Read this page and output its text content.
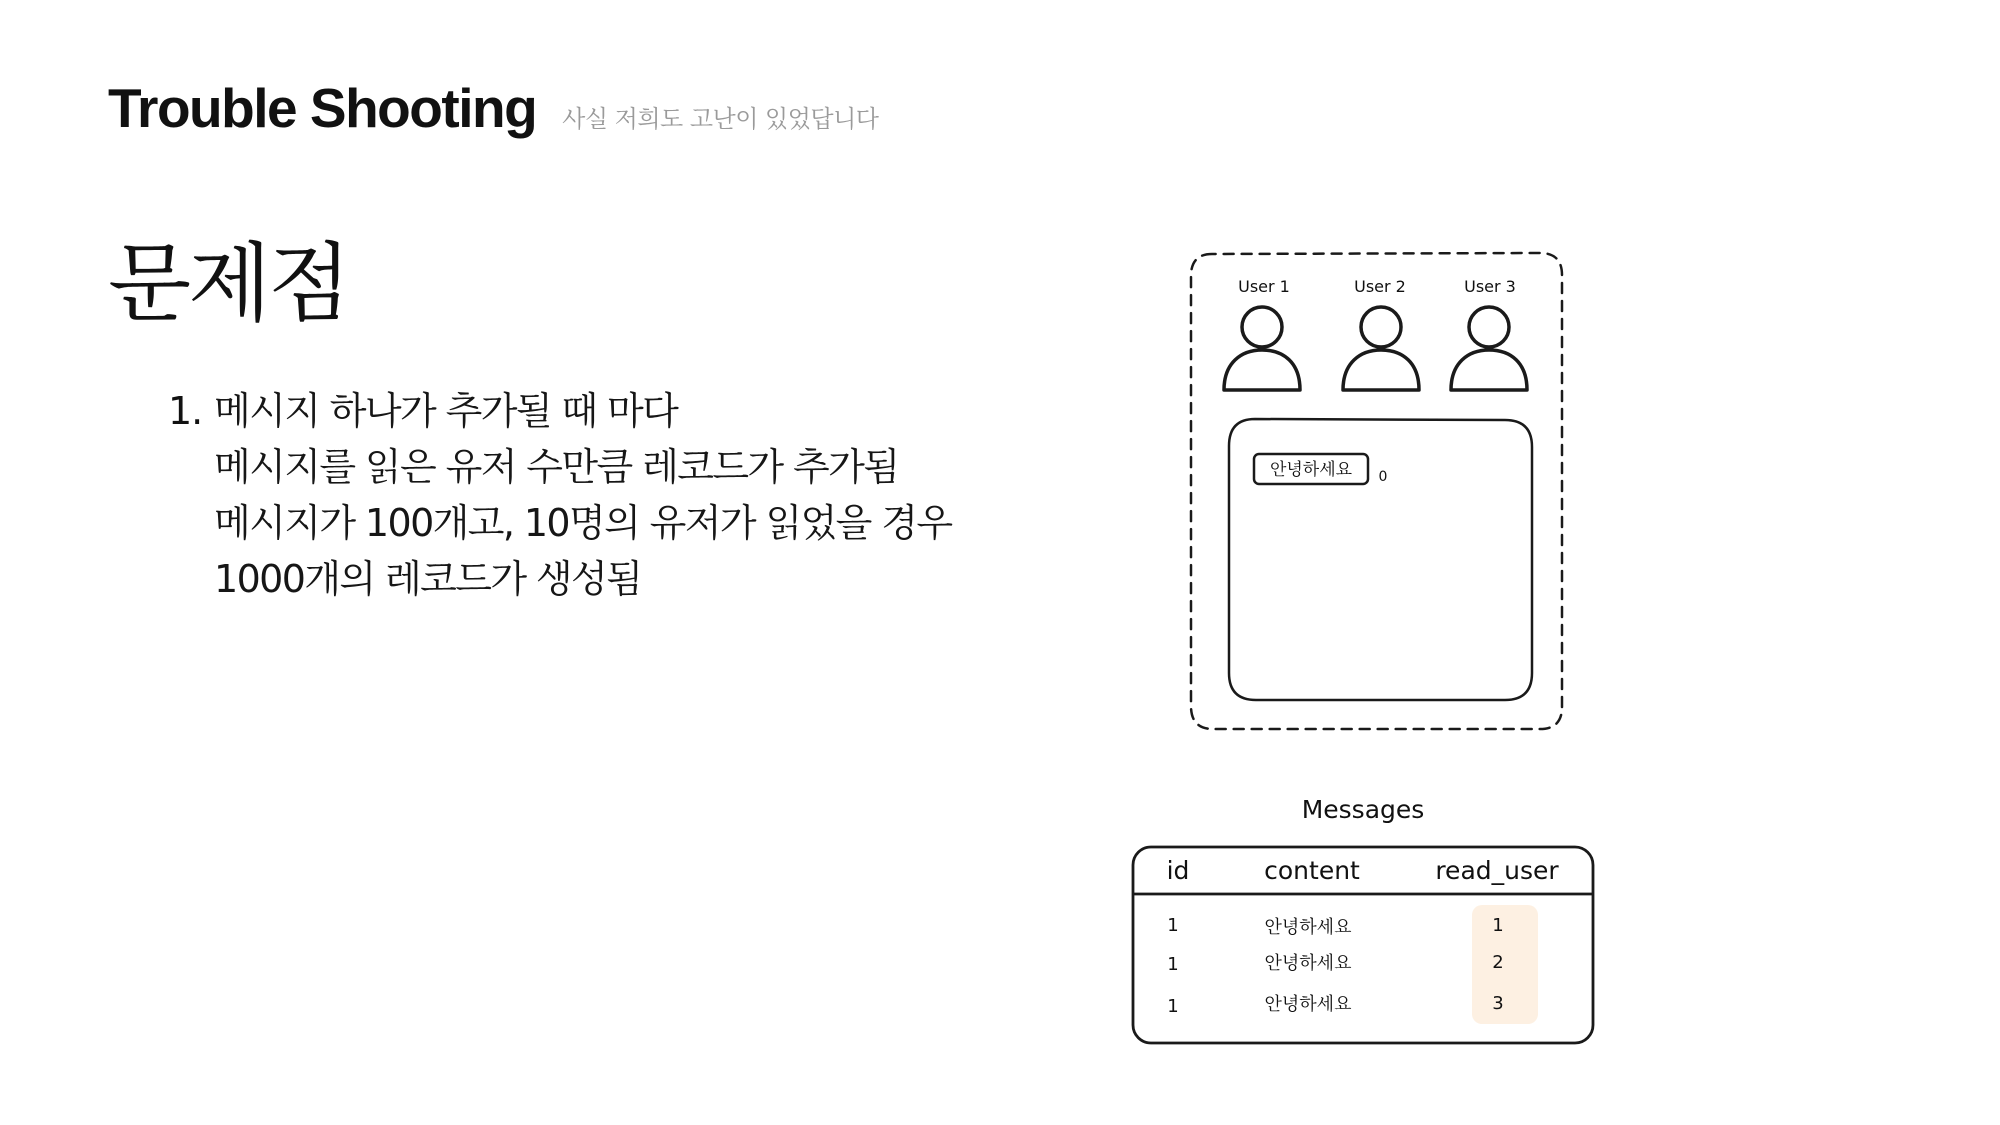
Trouble Shooting 사실 저희도 고난이 있었답니다
문제점
1. 메시지 하나가 추가될 때 마다
메시지를 읽은 유저 수만큼 레코드가 추가됨
메시지가 100개고, 10명의 유저가 읽었을 경우
1000개의 레코드가 생성됨
User 1	User 2	User 3
안녕하세요 0
Messages
id	content	read_user
1	안녕하세요	1
1	안녕하세요	2
1	안녕하세요	3
